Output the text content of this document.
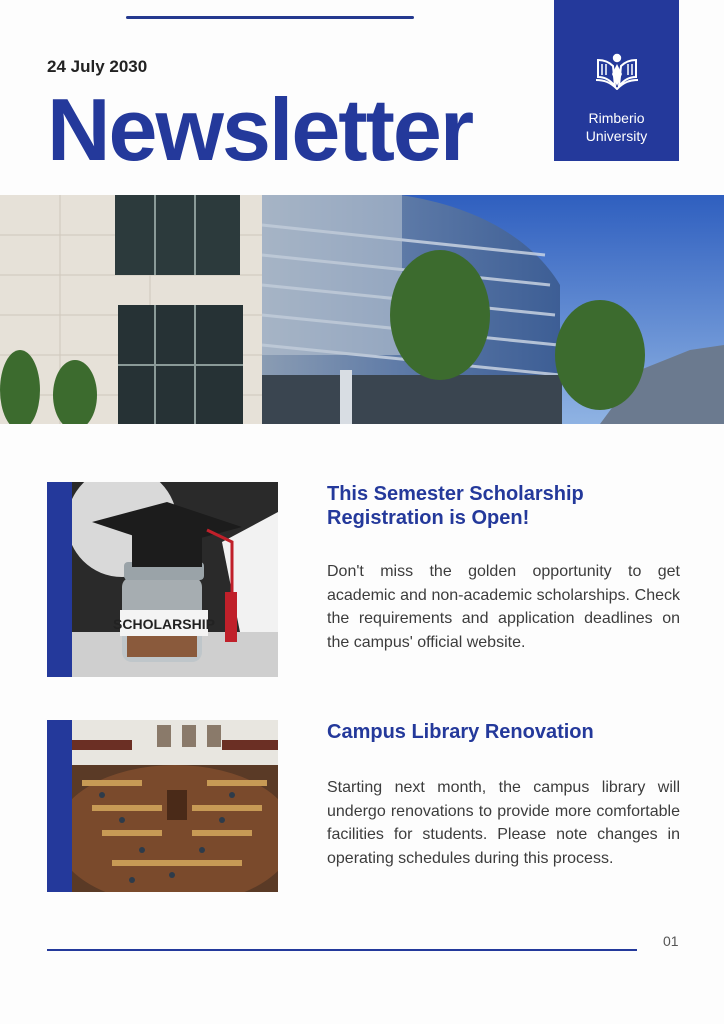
24 July 2030
Newsletter	Rimberio
University
SCHOLARSHIP
This Semester Scholarship Registration is Open!
Don't miss the golden opportunity to get academic and non-academic scholarships. Check the requirements and application deadlines on the campus' official website.
Campus Library Renovation
Starting next month, the campus library will undergo renovations to provide more comfortable facilities for students. Please note changes in operating schedules during this process.
01
